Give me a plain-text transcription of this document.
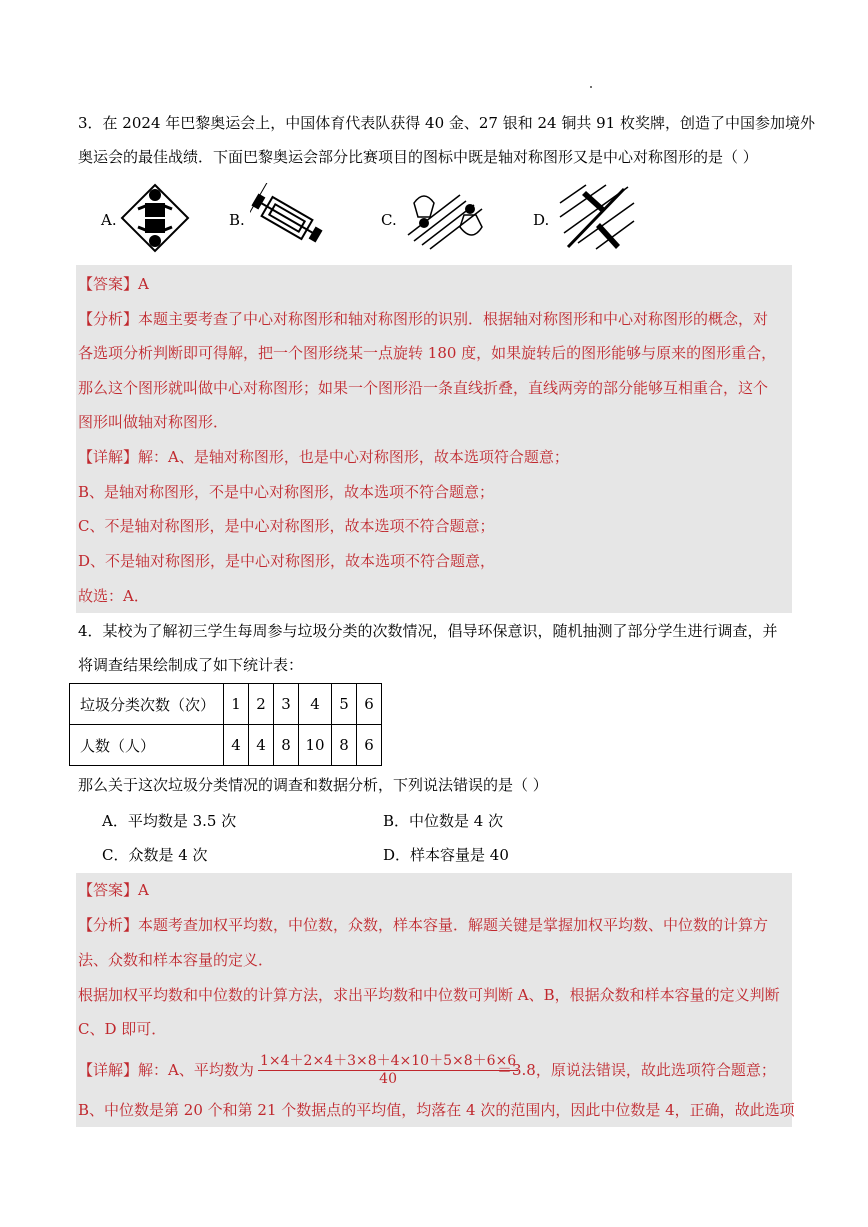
3．在 2024 年巴黎奥运会上，中国体育代表队获得 40 金、27 银和 24 铜共 91 枚奖牌，创造了中国参加境外
奥运会的最佳战绩．下面巴黎奥运会部分比赛项目的图标中既是轴对称图形又是中心对称图形的是（ ）
A.	B.	C.	D.
【答案】A
【分析】本题主要考查了中心对称图形和轴对称图形的识别．根据轴对称图形和中心对称图形的概念，对
各选项分析判断即可得解，把一个图形绕某一点旋转 180 度，如果旋转后的图形能够与原来的图形重合，
那么这个图形就叫做中心对称图形；如果一个图形沿一条直线折叠，直线两旁的部分能够互相重合，这个
图形叫做轴对称图形．
【详解】解：A、是轴对称图形，也是中心对称图形，故本选项符合题意；
B、是轴对称图形，不是中心对称图形，故本选项不符合题意；
C、不是轴对称图形，是中心对称图形，故本选项不符合题意；
D、不是轴对称图形，是中心对称图形，故本选项不符合题意，
故选：A．
4．某校为了解初三学生每周参与垃圾分类的次数情况，倡导环保意识，随机抽测了部分学生进行调查，并
将调查结果绘制成了如下统计表：
垃圾分类次数（次）	1	2	3	4	5	6
人数（人）	4	4	8	10	8	6
那么关于这次垃圾分类情况的调查和数据分析，下列说法错误的是（ ）
A．平均数是 3.5 次	B．中位数是 4 次
C．众数是 4 次	D．样本容量是 40
【答案】A
【分析】本题考查加权平均数，中位数，众数，样本容量．解题关键是掌握加权平均数、中位数的计算方
法、众数和样本容量的定义．
根据加权平均数和中位数的计算方法，求出平均数和中位数可判断 A、B，根据众数和样本容量的定义判断
C、D 即可．
【详解】解：A、平均数为 $\frac{1\times 4+2\times 4+3\times 8+4\times 10+5\times 8+6\times 6}{40}$
＝3.8，原说法错误，故此选项符合题意；
B、中位数是第 20 个和第 21 个数据点的平均值，均落在 4 次的范围内，因此中位数是 4，正确，故此选项
